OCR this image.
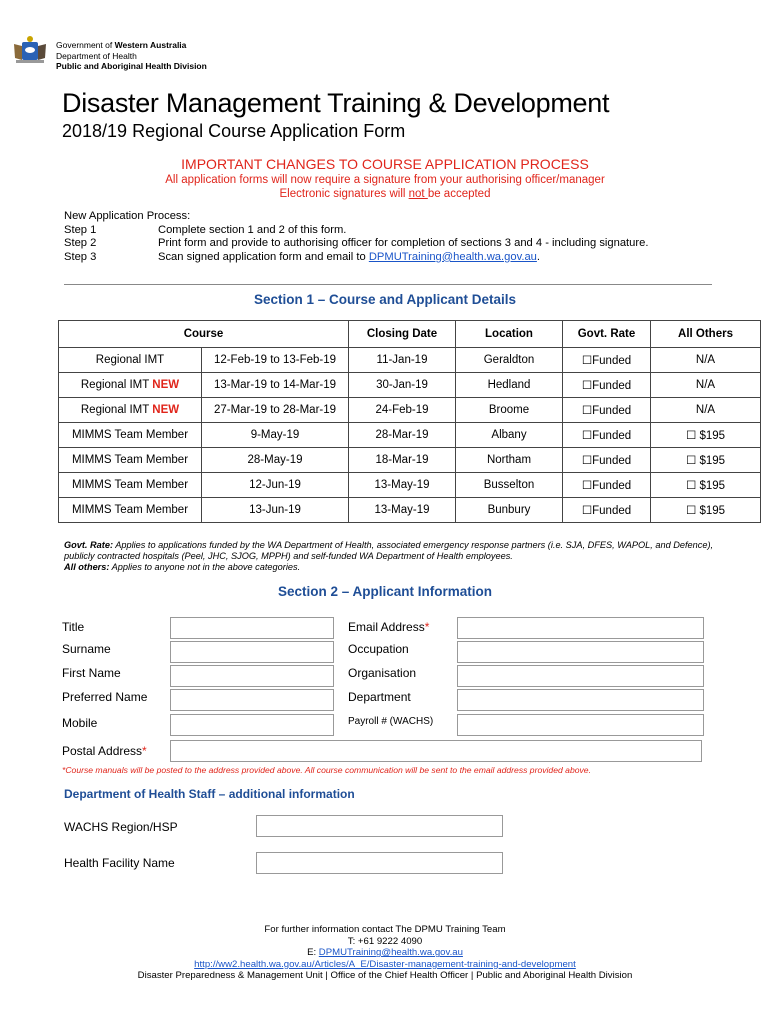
Government of Western Australia
Department of Health
Public and Aboriginal Health Division
Disaster Management Training & Development
2018/19 Regional Course Application Form
IMPORTANT CHANGES TO COURSE APPLICATION PROCESS
All application forms will now require a signature from your authorising officer/manager
Electronic signatures will not be accepted
New Application Process:
Step 1	Complete section 1 and 2 of this form.
Step 2	Print form and provide to authorising officer for completion of sections 3 and 4 - including signature.
Step 3	Scan signed application form and email to DPMUTraining@health.wa.gov.au.
Section 1 – Course and Applicant Details
Course		Closing Date	Location	Govt. Rate	All Others
Regional IMT	12-Feb-19 to 13-Feb-19	11-Jan-19	Geraldton	☐Funded	N/A
Regional IMT NEW	13-Mar-19 to 14-Mar-19	30-Jan-19	Hedland	☐Funded	N/A
Regional IMT NEW	27-Mar-19 to 28-Mar-19	24-Feb-19	Broome	☐Funded	N/A
MIMMS Team Member	9-May-19	28-Mar-19	Albany	☐Funded	☐ $195
MIMMS Team Member	28-May-19	18-Mar-19	Northam	☐Funded	☐ $195
MIMMS Team Member	12-Jun-19	13-May-19	Busselton	☐Funded	☐ $195
MIMMS Team Member	13-Jun-19	13-May-19	Bunbury	☐Funded	☐ $195
Govt. Rate: Applies to applications funded by the WA Department of Health, associated emergency response partners (i.e. SJA, DFES, WAPOL, and Defence), publicly contracted hospitals (Peel, JHC, SJOG, MPPH) and self-funded WA Department of Health employees.
All others: Applies to anyone not in the above categories.
Section 2 – Applicant Information
Title
Surname
First Name
Preferred Name
Mobile
Email Address*
Occupation
Organisation
Department
Payroll # (WACHS)
Postal Address*
*Course manuals will be posted to the address provided above. All course communication will be sent to the email address provided above.
Department of Health Staff – additional information
WACHS Region/HSP
Health Facility Name
For further information contact The DPMU Training Team
T: +61 9222 4090
E: DPMUTraining@health.wa.gov.au
http://ww2.health.wa.gov.au/Articles/A_E/Disaster-management-training-and-development
Disaster Preparedness & Management Unit | Office of the Chief Health Officer | Public and Aboriginal Health Division
